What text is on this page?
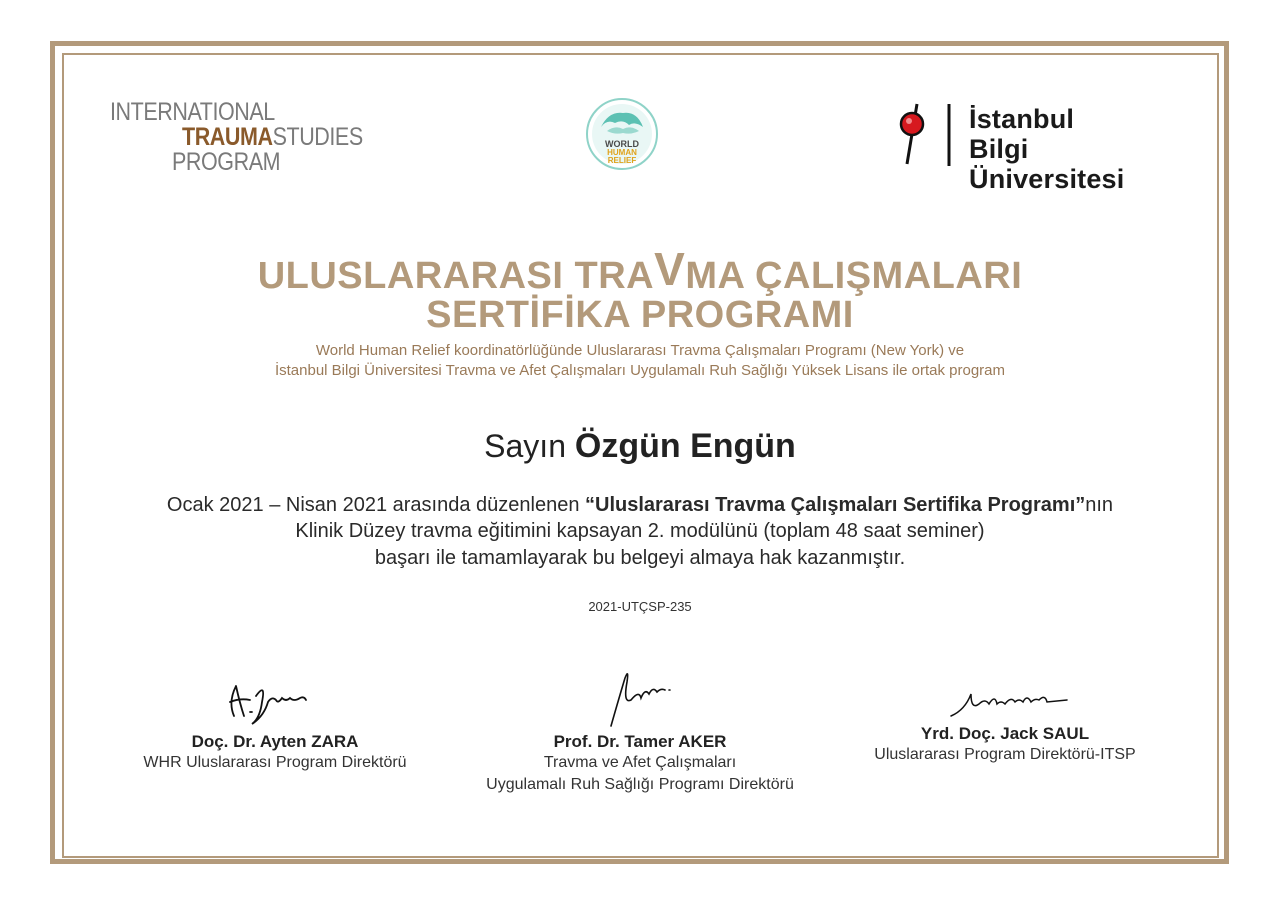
INTERNATIONAL
TRAUMASTUDIES
PROGRAM
WORLD
HUMAN
RELIEF
İstanbul
Bilgi Üniversitesi
ULUSLARARASI TRAVMA ÇALIŞMALARI
SERTİFİKA PROGRAMI
World Human Relief koordinatörlüğünde Uluslararası Travma Çalışmaları Programı (New York) ve
İstanbul Bilgi Üniversitesi Travma ve Afet Çalışmaları Uygulamalı Ruh Sağlığı Yüksek Lisans ile ortak program
Sayın Özgün Engün
Ocak 2021 – Nisan 2021 arasında düzenlenen “Uluslararası Travma Çalışmaları Sertifika Programı”nın
Klinik Düzey travma eğitimini kapsayan 2. modülünü (toplam 48 saat seminer)
başarı ile tamamlayarak bu belgeyi almaya hak kazanmıştır.
2021-UTÇSP-235
Doç. Dr. Ayten ZARA
WHR Uluslararası Program Direktörü
Prof. Dr. Tamer AKER
Travma ve Afet Çalışmaları
Uygulamalı Ruh Sağlığı Programı Direktörü
Yrd. Doç. Jack SAUL
Uluslararası Program Direktörü-ITSP
